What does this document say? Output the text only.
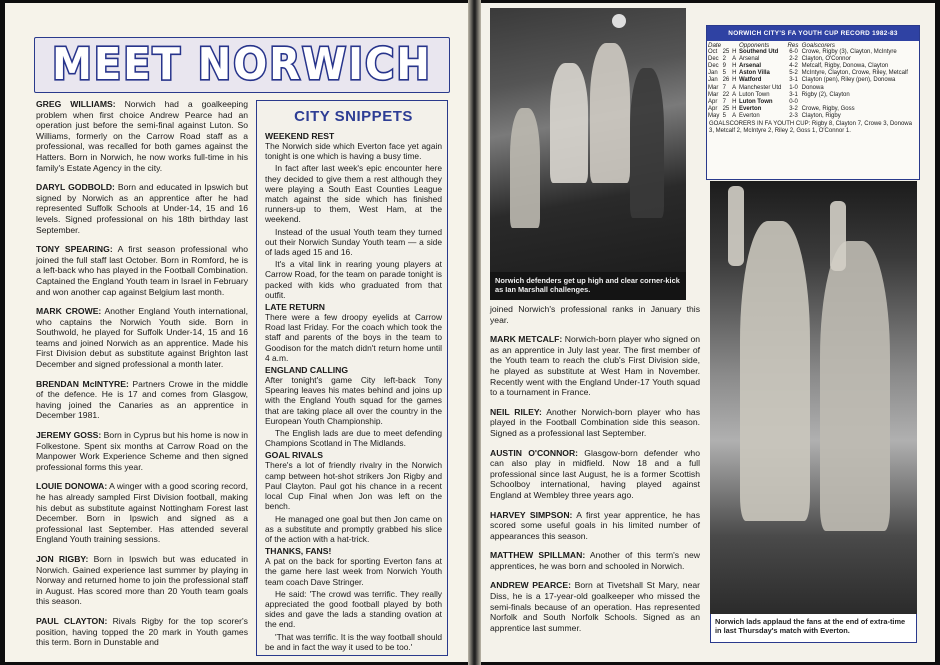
MEET NORWICH

GREG WILLIAMS: Norwich had a goalkeeping problem when first choice Andrew Pearce had an operation just before the semi-final against Luton. So Williams, formerly on the Carrow Road staff as a professional, was recalled for both games against the Hatters. Born in Norwich, he now works full-time in his family's Estate Agency in the city.

DARYL GODBOLD: Born and educated in Ipswich but signed by Norwich as an apprentice after he had represented Suffolk Schools at Under-14, 15 and 16 levels. Signed professional on his 18th birthday last September.

TONY SPEARING: A first season professional who joined the full staff last October. Born in Romford, he is a left-back who has played in the Football Combination. Captained the England Youth team in Israel in February and won another cap against Belgium last month.

MARK CROWE: Another England Youth international, who captains the Norwich Youth side. Born in Southwold, he played for Suffolk Under-14, 15 and 16 teams and joined Norwich as an apprentice. Made his First Division debut as substitute against Brighton last December and signed professional a month later.

BRENDAN McINTYRE: Partners Crowe in the middle of the defence. He is 17 and comes from Glasgow, having joined the Canaries as an apprentice in December 1981.

JEREMY GOSS: Born in Cyprus but his home is now in Folkestone. Spent six months at Carrow Road on the Manpower Work Experience Scheme and then signed professional forms this year.

LOUIE DONOWA: A winger with a good scoring record, he has already sampled First Division football, making his debut as substitute against Nottingham Forest last December. Born in Ipswich and signed as a professional last September. Has attended several England Youth training sessions.

JON RIGBY: Born in Ipswich but was educated in Norwich. Gained experience last summer by playing in Norway and returned home to join the professional staff in August. Has scored more than 20 Youth team goals this season.

PAUL CLAYTON: Rivals Rigby for the top scorer's position, having topped the 20 mark in Youth games this term. Born in Dunstable and

CITY SNIPPETS
WEEKEND REST
The Norwich side which Everton face yet again tonight is one which is having a busy time.
In fact after last week's epic encounter here they decided to give them a rest although they were playing a South East Counties League match against the side which has finished runners-up to them, West Ham, at the weekend.
Instead of the usual Youth team they turned out their Norwich Sunday Youth team — a side of lads aged 15 and 16.
It's a vital link in rearing young players at Carrow Road, for the team on parade tonight is packed with kids who graduated from that outfit.
LATE RETURN
There were a few droopy eyelids at Carrow Road last Friday. For the coach which took the staff and parents of the boys in the team to Goodison for the match didn't return home until 4 a.m.
ENGLAND CALLING
After tonight's game City left-back Tony Spearing leaves his mates behind and joins up with the England Youth squad for the games that are taking place all over the country in the European Youth Championship.
The English lads are due to meet defending Champions Scotland in The Midlands.
GOAL RIVALS
There's a lot of friendly rivalry in the Norwich camp between hot-shot strikers Jon Rigby and Paul Clayton. Paul got his chance in a recent local Cup Final when Jon was left on the bench.
He managed one goal but then Jon came on as a substitute and promptly grabbed his slice of the action with a hat-trick.
THANKS, FANS!
A pat on the back for sporting Everton fans at the game here last week from Norwich Youth team coach Dave Stringer.
He said: 'The crowd was terrific. They really appreciated the good football played by both sides and gave the lads a standing ovation at the end.
'That was terrific. It is the way football should be and in fact the way it used to be too.'
Norwich defenders get up high and clear corner-kick as Ian Marshall challenges.
NORWICH CITY'S FA YOUTH CUP RECORD 1982-83
Date			Opponents	Res	Goalscorers
Oct	25	H	Southend Utd	6-0	Crowe, Rigby (3), Clayton, McIntyre
Dec	2	A	Arsenal	2-2	Clayton, O'Connor
Dec	9	H	Arsenal	4-2	Metcalf, Rigby, Donowa, Clayton
Jan	5	H	Aston Villa	5-2	McIntyre, Clayton, Crowe, Riley, Metcalf
Jan	26	H	Watford	3-1	Clayton (pen), Riley (pen), Donowa
Mar	7	A	Manchester Utd	1-0	Donowa
Mar	22	A	Luton Town	3-1	Rigby (2), Clayton
Apr	7	H	Luton Town	0-0	
Apr	25	H	Everton	3-2	Crowe, Rigby, Goss
May	5	A	Everton	2-3	Clayton, Rigby
GOALSCORERS IN FA YOUTH CUP: Rigby 8, Clayton 7, Crowe 3, Donowa 3, Metcalf 2, McIntyre 2, Riley 2, Goss 1, O'Connor 1.
Norwich lads applaud the fans at the end of extra-time in last Thursday's match with Everton.

joined Norwich's professional ranks in January this year.

MARK METCALF: Norwich-born player who signed on as an apprentice in July last year. The first member of the Youth team to reach the club's First Division side, he played as substitute at West Ham in November. Recently went with the England Under-17 Youth squad to a tournament in France.

NEIL RILEY: Another Norwich-born player who has played in the Football Combination side this season. Signed as a professional last September.

AUSTIN O'CONNOR: Glasgow-born defender who can also play in midfield. Now 18 and a full professional since last August, he is a former Scottish Schoolboy international, having played against England at Wembley three years ago.

HARVEY SIMPSON: A first year apprentice, he has scored some useful goals in his limited number of appearances this season.

MATTHEW SPILLMAN: Another of this term's new apprentices, he was born and schooled in Norwich.

ANDREW PEARCE: Born at Tivetshall St Mary, near Diss, he is a 17-year-old goalkeeper who missed the semi-finals because of an operation. Has represented Norfolk and South Norfolk Schools. Signed as an apprentice last summer.
